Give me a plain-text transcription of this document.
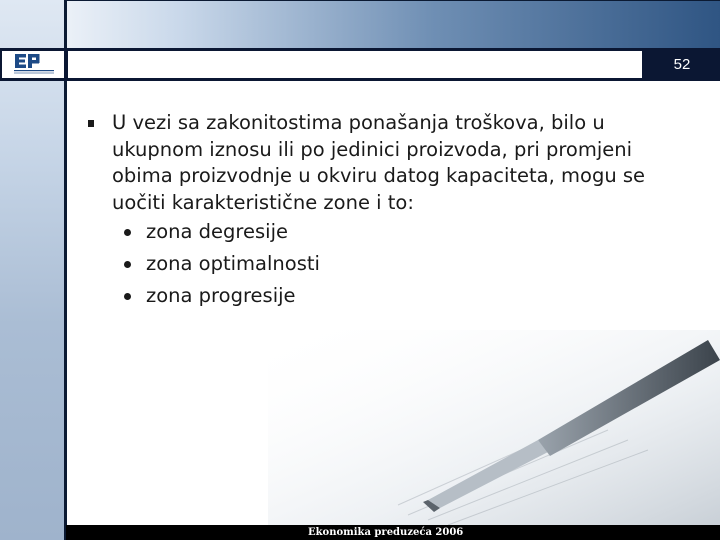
52
Ekonomika preduzeća 2006
U vezi sa zakonitostima ponašanja troškova, bilo u ukupnom iznosu ili po jedinici proizvoda, pri promjeni obima proizvodnje u okviru datog kapaciteta, mogu se uočiti karakteristične zone i to:
zona degresije
zona optimalnosti
zona progresije
